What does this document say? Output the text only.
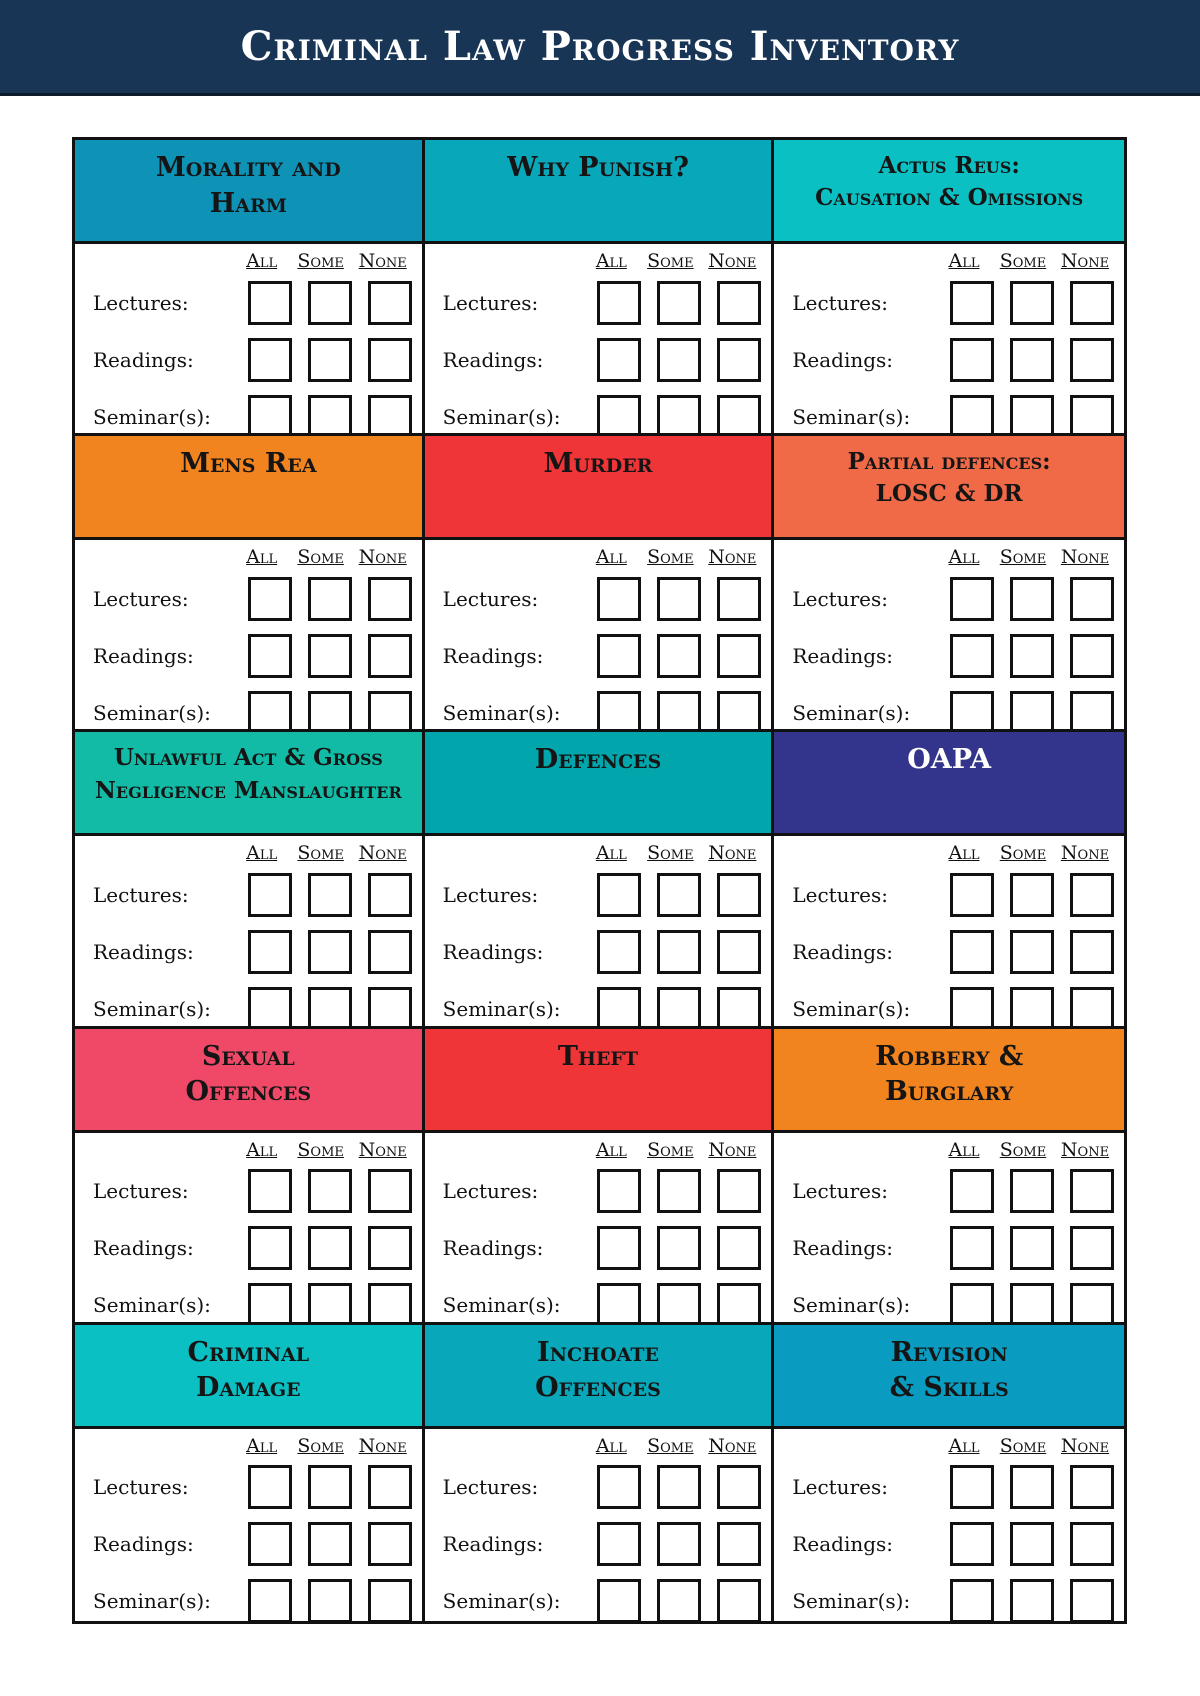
Criminal Law Progress Inventory
Morality and
Harm
All	Some None
Lectures:
Readings:
Seminar(s):
Why Punish?
All	Some None
Lectures:
Readings:
Seminar(s):
Actus Reus:
Causation & Omissions
All	Some None
Lectures:
Readings:
Seminar(s):
Mens Rea
All	Some None
Lectures:
Readings:
Seminar(s):
Murder
All	Some None
Lectures:
Readings:
Seminar(s):
Partial defences:
LOSC & DR
All	Some None
Lectures:
Readings:
Seminar(s):
Unlawful Act & Gross
Negligence Manslaughter
All	Some None
Lectures:
Readings:
Seminar(s):
Defences
All	Some None
Lectures:
Readings:
Seminar(s):
OAPA
All	Some None
Lectures:
Readings:
Seminar(s):
Sexual
Offences
All	Some None
Lectures:
Readings:
Seminar(s):
Theft
All	Some None
Lectures:
Readings:
Seminar(s):
Robbery &
Burglary
All	Some None
Lectures:
Readings:
Seminar(s):
Criminal
Damage
All	Some None
Lectures:
Readings:
Seminar(s):
Inchoate
Offences
All	Some None
Lectures:
Readings:
Seminar(s):
Revision
& Skills
All	Some None
Lectures:
Readings:
Seminar(s):
